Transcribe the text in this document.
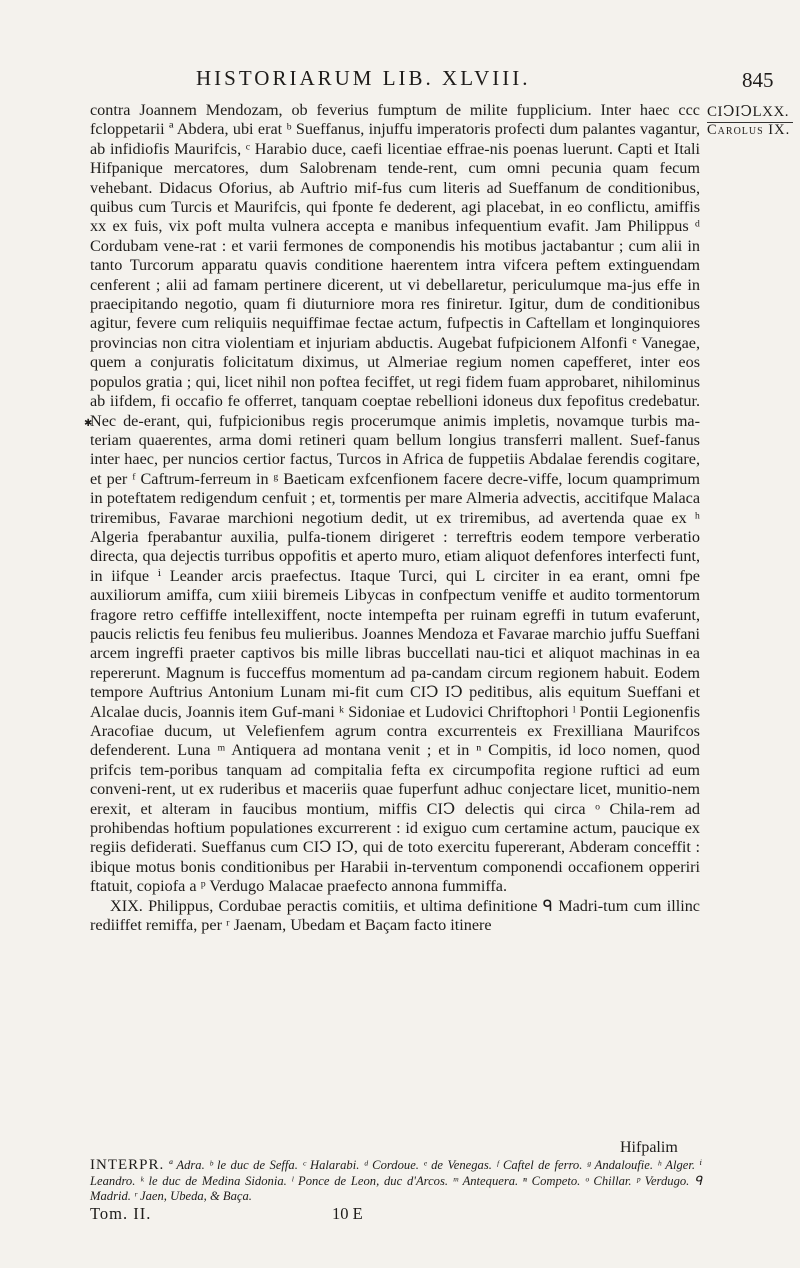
HISTORIARUM LIB. XLVIII.	845
CIↃIↃLXX.
Carolus IX.
✱

contra Joannem Mendozam, ob feverius fumptum de milite fupplicium. Inter haec ccc fcloppetarii ª Abdera, ubi erat ᵇ Sueffanus, injuffu imperatoris profecti dum palantes vagantur, ab infidiofis Maurifcis, ᶜ Harabio duce, caefi licentiae effrae-nis poenas luerunt. Capti et Itali Hifpanique mercatores, dum Salobrenam tende-rent, cum omni pecunia quam fecum vehebant. Didacus Oforius, ab Auftrio mif-fus cum literis ad Sueffanum de conditionibus, quibus cum Turcis et Maurifcis, qui fponte fe dederent, agi placebat, in eo conflictu, amiffis xx ex fuis, vix poft multa vulnera accepta e manibus infequentium evafit. Jam Philippus ᵈ Cordubam vene-rat : et varii fermones de componendis his motibus jactabantur ; cum alii in tanto Turcorum apparatu quavis conditione haerentem intra vifcera peftem extinguendam cenferent ; alii ad famam pertinere dicerent, ut vi debellaretur, periculumque ma-jus effe in praecipitando negotio, quam fi diuturniore mora res finiretur. Igitur, dum de conditionibus agitur, fevere cum reliquiis nequiffimae fectae actum, fufpectis in Caftellam et longinquiores provincias non citra violentiam et injuriam abductis. Augebat fufpicionem Alfonfi ᵉ Vanegae, quem a conjuratis folicitatum diximus, ut Almeriae regium nomen capefferet, inter eos populos gratia ; qui, licet nihil non poftea feciffet, ut regi fidem fuam approbaret, nihilominus ab iifdem, fi occafio fe offerret, tanquam coeptae rebellioni idoneus dux fepofitus credebatur. Nec de-erant, qui, fufpicionibus regis procerumque animis impletis, novamque turbis ma-teriam quaerentes, arma domi retineri quam bellum longius transferri mallent. Suef-fanus inter haec, per nuncios certior factus, Turcos in Africa de fuppetiis Abdalae ferendis cogitare, et per ᶠ Caftrum-ferreum in ᵍ Baeticam exfcenfionem facere decre-viffe, locum quamprimum in poteftatem redigendum cenfuit ; et, tormentis per mare Almeria advectis, accitifque Malaca triremibus, Favarae marchioni negotium dedit, ut ex triremibus, ad avertenda quae ex ʰ Algeria fperabantur auxilia, pulfa-tionem dirigeret : terreftris eodem tempore verberatio directa, qua dejectis turribus oppofitis et aperto muro, etiam aliquot defenfores interfecti funt, in iifque ⁱ Leander arcis praefectus. Itaque Turci, qui L circiter in ea erant, omni fpe auxiliorum amiffa, cum xiiii biremeis Libycas in confpectum veniffe et audito tormentorum fragore retro ceffiffe intellexiffent, nocte intempefta per ruinam egreffi in tutum evaferunt, paucis relictis feu fenibus feu mulieribus. Joannes Mendoza et Favarae marchio juffu Sueffani arcem ingreffi praeter captivos bis mille libras buccellati nau-tici et aliquot machinas in ea repererunt. Magnum is fucceffus momentum ad pa-candam circum regionem habuit. Eodem tempore Auftrius Antonium Lunam mi-fit cum CIↃ IↃ peditibus, alis equitum Sueffani et Alcalae ducis, Joannis item Guf-mani ᵏ Sidoniae et Ludovici Chriftophori ˡ Pontii Legionenfis Aracofiae ducum, ut Velefienfem agrum contra excurrenteis ex Frexilliana Maurifcos defenderent. Luna ᵐ Antiquera ad montana venit ; et in ⁿ Compitis, id loco nomen, quod prifcis tem-poribus tanquam ad compitalia fefta ex circumpofita regione ruftici ad eum conveni-rent, ut ex ruderibus et maceriis quae fuperfunt adhuc conjectare licet, munitio-nem erexit, et alteram in faucibus montium, miffis CIↃ delectis qui circa ᵒ Chila-rem ad prohibendas hoftium populationes excurrerent : id exiguo cum certamine actum, paucique ex regiis defiderati. Sueffanus cum CIↃ IↃ, qui de toto exercitu fupererant, Abderam conceffit : ibique motus bonis conditionibus per Harabii in-terventum componendi occafionem opperiri ftatuit, copiofa a ᵖ Verdugo Malacae praefecto annona fummiffa.

XIX. Philippus, Cordubae peractis comitiis, et ultima definitione ᑫ Madri-tum cum illinc rediiffet remiffa, per ʳ Jaenam, Ubedam et Baçam facto itinere

Hifpalim
INTERPR. ª Adra. ᵇ le duc de Seffa. ᶜ Halarabi. ᵈ Cordoue. ᵉ de Venegas. ᶠ Caftel de ferro. ᵍ Andaloufie. ʰ Alger. ⁱ Leandro. ᵏ le duc de Medina Sidonia. ˡ Ponce de Leon, duc d'Arcos. ᵐ Antequera. ⁿ Competo. ᵒ Chillar. ᵖ Verdugo. ᑫ Madrid. ʳ Jaen, Ubeda, & Baça.
Tom. II.	10 E
